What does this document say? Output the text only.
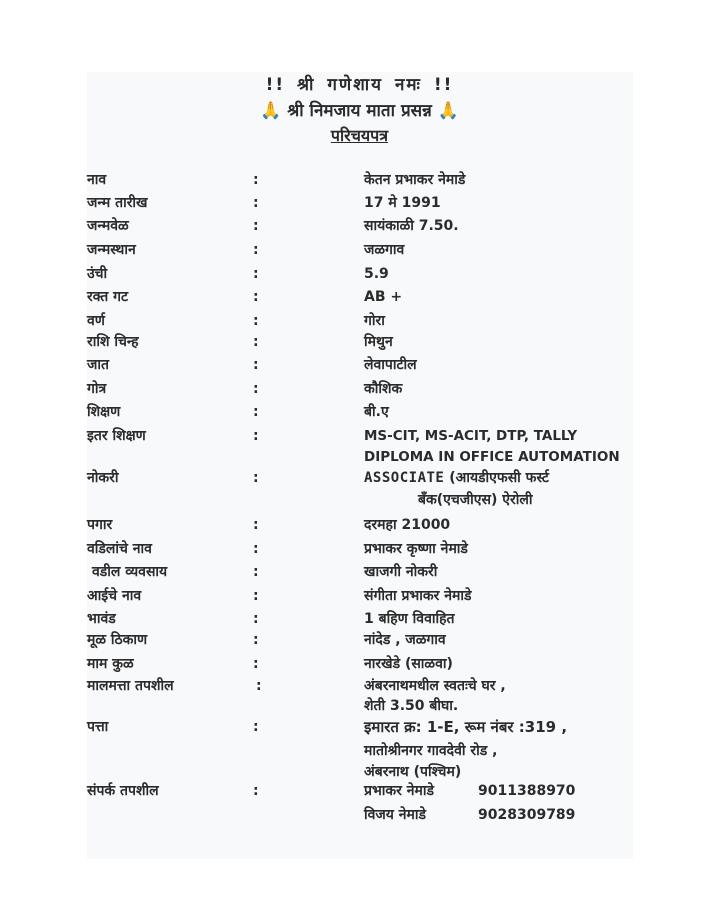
!! श्री गणेशाय नमः !!
🙏 श्री निमजाय माता प्रसन्न 🙏
परिचयपत्र
नाव	:	केतन प्रभाकर नेमाडे
जन्म तारीख	:	17 मे 1991
जन्मवेळ	:	सायंकाळी 7.50.
जन्मस्थान	:	जळगाव
उंची	:	5.9
रक्त गट	:	AB +
वर्ण	:	गोरा
राशि चिन्ह	:	मिथुन
जात	:	लेवापाटील
गोत्र	:	कौशिक
शिक्षण	:	बी.ए
इतर शिक्षण	:	MS-CIT, MS-ACIT, DTP, TALLY
DIPLOMA IN OFFICE AUTOMATION
नोकरी	:	ASSOCIATE (आयडीएफसी फर्स्ट
बँक(एचजीएस) ऐरोली
पगार	:	दरमहा 21000
वडिलांचे नाव	:	प्रभाकर कृष्णा नेमाडे
वडील व्यवसाय	:	खाजगी नोकरी
आईचे नाव	:	संगीता प्रभाकर नेमाडे
भावंड	:	1 बहिण विवाहित
मूळ ठिकाण	:	नांदेड , जळगाव
माम कुळ	:	नारखेडे (साळवा)
मालमत्ता तपशील	:	अंबरनाथमधील स्वतःचे घर ,
शेती 3.50 बीघा.
पत्ता	:	इमारत क्र: 1-E, रूम नंबर :319 ,
मातोश्रीनगर गावदेवी रोड ,
अंबरनाथ (पश्चिम)
संपर्क तपशील	:	प्रभाकर नेमाडे	9011388970
विजय नेमाडे	9028309789
